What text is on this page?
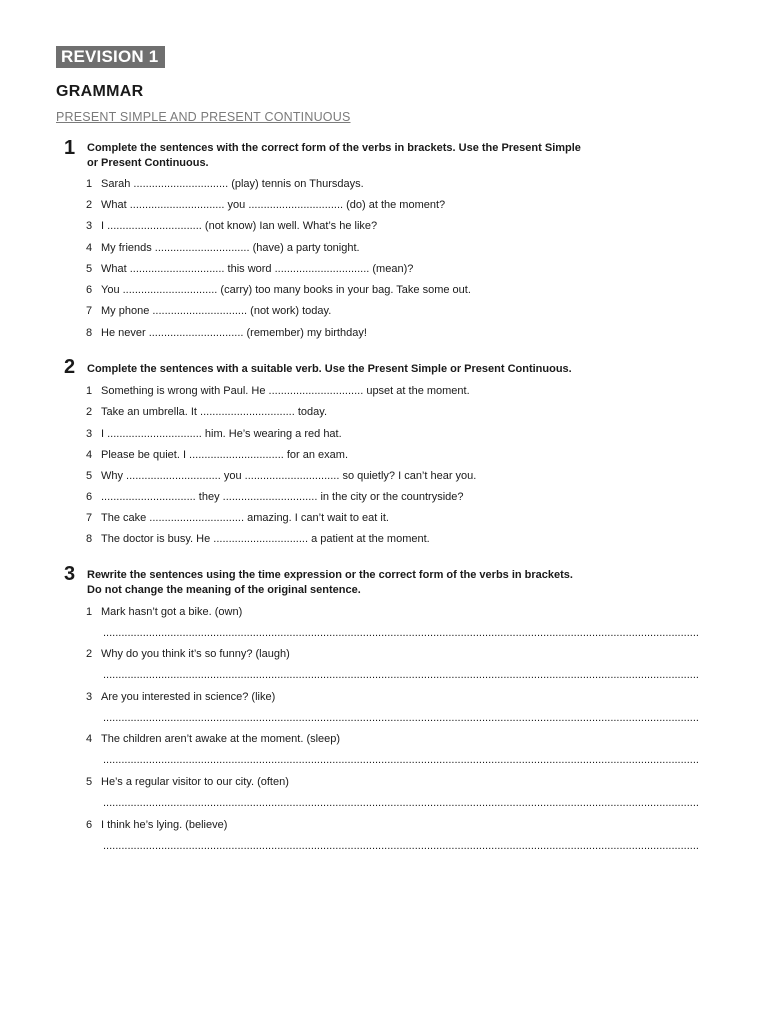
REVISION 1
GRAMMAR
PRESENT SIMPLE AND PRESENT CONTINUOUS
1 Complete the sentences with the correct form of the verbs in brackets. Use the Present Simple
or Present Continuous.
1 Sarah ............................... (play) tennis on Thursdays.
2 What ............................... you ............................... (do) at the moment?
3 I ............................... (not know) Ian well. What’s he like?
4 My friends ............................... (have) a party tonight.
5 What ............................... this word ............................... (mean)?
6 You ............................... (carry) too many books in your bag. Take some out.
7 My phone ............................... (not work) today.
8 He never ............................... (remember) my birthday!
2 Complete the sentences with a suitable verb. Use the Present Simple or Present Continuous.
1 Something is wrong with Paul. He ............................... upset at the moment.
2 Take an umbrella. It ............................... today.
3 I ............................... him. He’s wearing a red hat.
4 Please be quiet. I ............................... for an exam.
5 Why ............................... you ............................... so quietly? I can’t hear you.
6 ............................... they ............................... in the city or the countryside?
7 The cake ............................... amazing. I can’t wait to eat it.
8 The doctor is busy. He ............................... a patient at the moment.
3 Rewrite the sentences using the time expression or the correct form of the verbs in brackets.
Do not change the meaning of the original sentence.
1 Mark hasn’t got a bike. (own)
...................................................................................................................................................................................................
2 Why do you think it’s so funny? (laugh)
...................................................................................................................................................................................................
3 Are you interested in science? (like)
...................................................................................................................................................................................................
4 The children aren’t awake at the moment. (sleep)
...................................................................................................................................................................................................
5 He’s a regular visitor to our city. (often)
...................................................................................................................................................................................................
6 I think he’s lying. (believe)
...................................................................................................................................................................................................
